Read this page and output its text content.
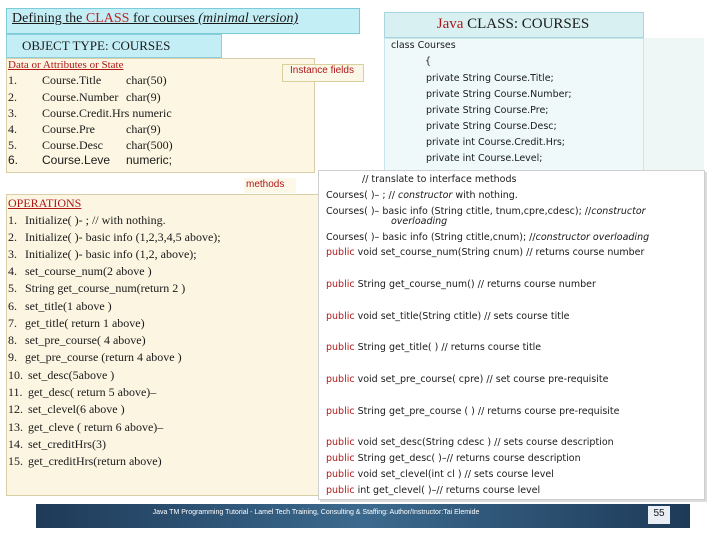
Defining the CLASS for courses (minimal version)	Java CLASS: COURSES
OBJECT TYPE: COURSES
Data or Attributes or State
1. Course.Title char(50)
2. Course.Number char(9)
3. Course.Credit.Hrs numeric
4. Course.Pre	char(9)
5. Course.Desc char(500)
6. Course.Leve numeric;
Instance fields
class Courses
{
private String Course.Title;
private String Course.Number;
private String Course.Pre;
private String Course.Desc;
private int Course.Credit.Hrs;
private int Course.Level;
methods
OPERATIONS
1. Initialize( )- ; // with nothing.
2. Initialize( )- basic info (1,2,3,4,5 above);
3. Initialize( )- basic info (1,2, above);
4. set_course_num(2 above )
5. String get_course_num(return 2 )
6. set_title(1 above )
7. get_title( return 1 above)
8. set_pre_course( 4 above)
9. get_pre_course (return 4 above )
10. set_desc(5above )
11. get_desc( return 5 above)–
12. set_clevel(6 above )
13. get_cleve ( return 6 above)–
14. set_creditHrs(3)
15. get_creditHrs(return above)
// translate to interface methods
Courses( )– ; // constructor with nothing.
Courses( )– basic info (String ctitle, tnum,cpre,cdesc); //constructor
overloading
Courses( )– basic info (String ctitle,cnum); //constructor overloading
public void set_course_num(String cnum) // returns course number
public String get_course_num() // returns course number
public void set_title(String ctitle) // sets course title
public String get_title( ) // returns course title
public void set_pre_course( cpre) // set course pre-requisite
public String get_pre_course ( ) // returns course pre-requisite
public void set_desc(String cdesc ) // sets course description
public String get_desc( )–// returns course description
public void set_clevel(int cl ) // sets course level
public int get_clevel( )–// returns course level
Java TM Programming Tutorial - Lamel Tech Training, Consulting & Staffing: Author/Instructor:Tai Elemide	55
